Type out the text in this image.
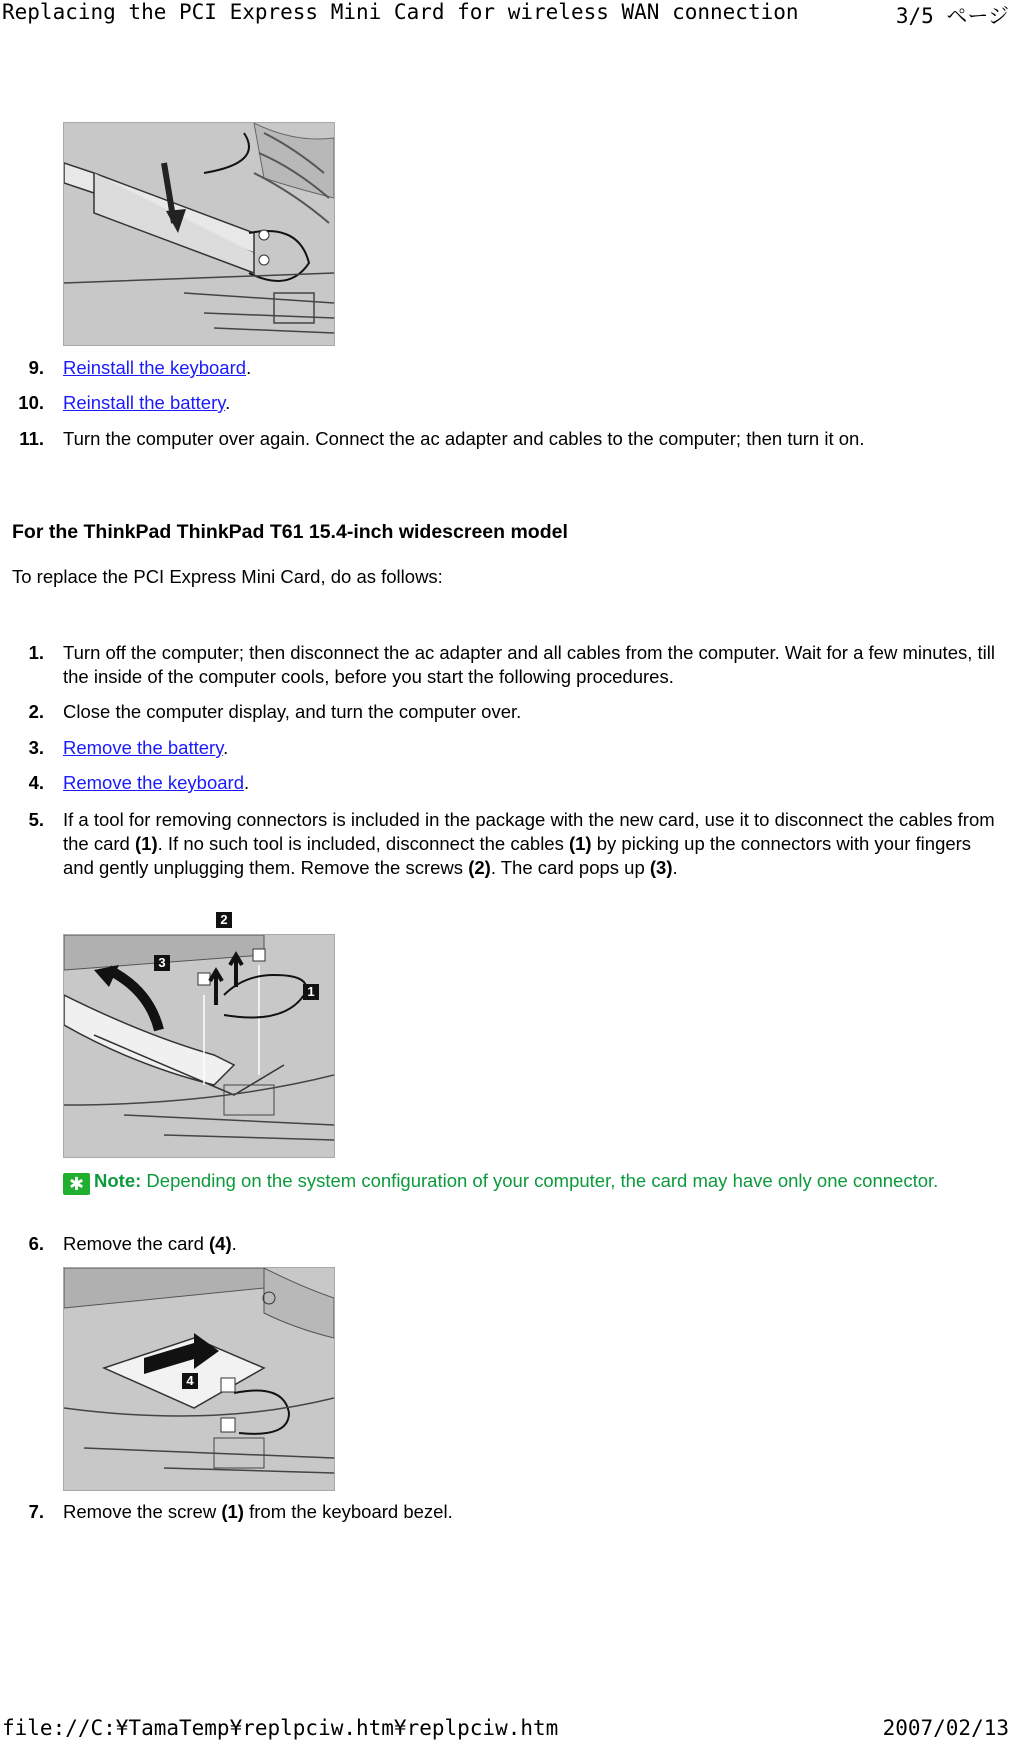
Replacing the PCI Express Mini Card for wireless WAN connection	3/5 ページ
9. Reinstall the keyboard.
10. Reinstall the battery.
11. Turn the computer over again. Connect the ac adapter and cables to the computer; then turn it on.
For the ThinkPad ThinkPad T61 15.4-inch widescreen model
To replace the PCI Express Mini Card, do as follows:
1. Turn off the computer; then disconnect the ac adapter and all cables from the computer. Wait for a few minutes, till the inside of the computer cools, before you start the following procedures.
2. Close the computer display, and turn the computer over.
3. Remove the battery.
4. Remove the keyboard.
5. If a tool for removing connectors is included in the package with the new card, use it to disconnect the cables from the card (1). If no such tool is included, disconnect the cables (1) by picking up the connectors with your fingers and gently unplugging them. Remove the screws (2). The card pops up (3).
2
3
1
✱ Note: Depending on the system configuration of your computer, the card may have only one connector.
6. Remove the card (4).
4
7. Remove the screw (1) from the keyboard bezel.
file://C:¥TamaTemp¥replpciw.htm¥replpciw.htm	2007/02/13
